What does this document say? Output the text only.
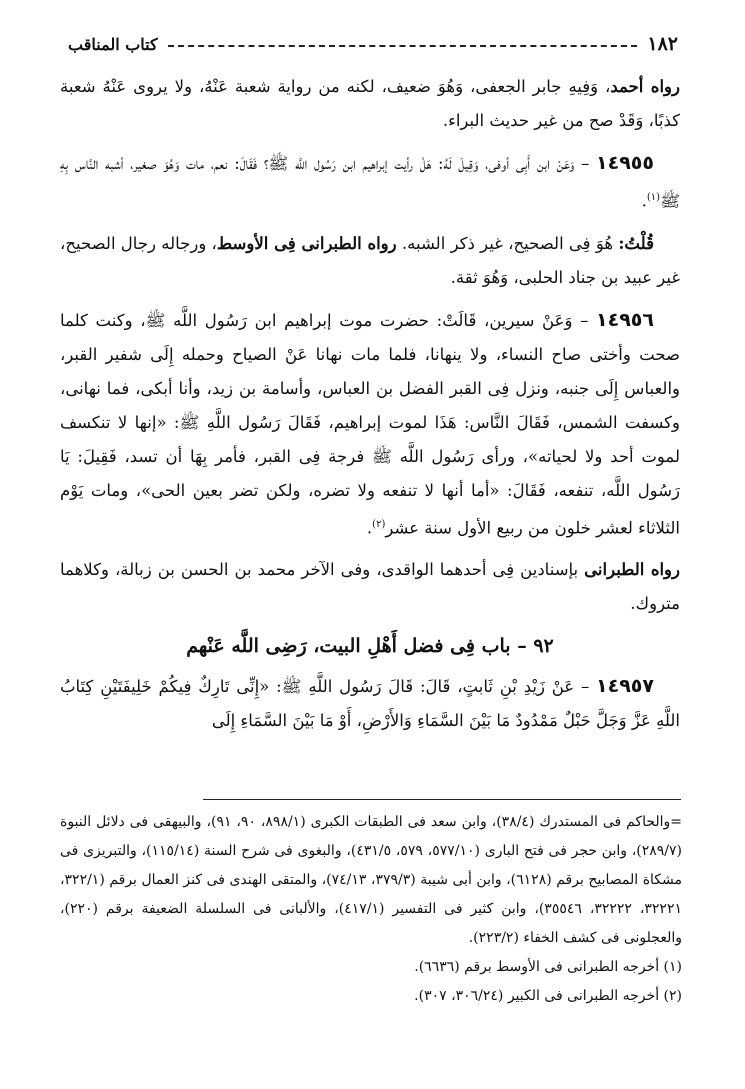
١٨٢
كتاب المناقب

رواه أحمد، وَفِيهِ جابر الجعفى، وَهُوَ ضعيف، لكنه من رواية شعبة عَنْهُ، ولا يروى عَنْهُ شعبة كذبًا، وَقَدْ صح من غير حديث البراء.

١٤٩٥٥ – وَعَنْ ابن أَبِى أوفى، وَقِيلَ لَهُ: هَلْ رأيت إبراهيم ابن رَسُول اللَّه ﷺ؟ فَقَالَ: نعم، مات وَهُوَ صغير، أشبه النَّاس بِهِ ﷺ$^{(١)}$.

قُلْتُ: هُوَ فِى الصحيح، غير ذكر الشبه. رواه الطبرانى فِى الأوسط، ورجاله رجال الصحيح، غير عبيد بن جناد الحلبى، وَهُوَ ثقة.

١٤٩٥٦ – وَعَنْ سيرين، قَالَتْ: حضرت موت إبراهيم ابن رَسُول اللَّه ﷺ، وكنت كلما صحت وأختى صاح النساء، ولا ينهانا، فلما مات نهانا عَنْ الصياح وحمله إِلَى شفير القبر، والعباس إِلَى جنبه، ونزل فِى القبر الفضل بن العباس، وأسامة بن زيد، وأنا أبكى، فما نهانى، وكسفت الشمس، فَقَالَ النَّاس: هَذَا لموت إبراهيم، فَقَالَ رَسُول اللَّهِ ﷺ: «إنها لا تنكسف لموت أحد ولا لحياته»، ورأى رَسُول اللَّه ﷺ فرجة فِى القبر، فأمر بِهَا أن تسد، فَقِيلَ: يَا رَسُول اللَّه، تنفعه، فَقَالَ: «أما أنها لا تنفعه ولا تضره، ولكن تضر بعين الحى»، ومات يَوْم الثلاثاء لعشر خلون من ربيع الأول سنة عشر$^{(٢)}$.

رواه الطبرانى بإسنادين فِى أحدهما الواقدى، وفى الآخر محمد بن الحسن بن زبالة، وكلاهما متروك.

٩٢ – باب فِى فضل أَهْلِ البيت، رَضِى اللَّه عَنْهم

١٤٩٥٧ – عَنْ زَيْدِ بْنِ ثَابتٍ، قَالَ: قَالَ رَسُول اللَّهِ ﷺ: «إِنِّى تَارِكٌ فِيكُمْ خَلِيفَتَيْنِ كِتَابُ اللَّهِ عَزَّ وَجَلَّ حَبْلٌ مَمْدُودٌ مَا بَيْنَ السَّمَاءِ وَالأَرْضِ، أَوْ مَا بَيْنَ السَّمَاءِ إِلَى

=والحاكم فى المستدرك (٣٨/٤)، وابن سعد فى الطبقات الكبرى (٨٩٨/١، ٩٠، ٩١)، والبيهقى فى دلائل النبوة (٢٨٩/٧)، وابن حجر فى فتح البارى (٥٧٧/١٠، ٥٧٩، ٤٣١/٥)، والبغوى فى شرح السنة (١١٥/١٤)، والتبريزى فى مشكاة المصابيح برقم (٦١٢٨)، وابن أبى شيبة (٣٧٩/٣، ٧٤/١٣)، والمتقى الهندى فى كنز العمال برقم (٣٢٢/١، ٣٢٢٢١، ٣٢٢٢٢، ٣٥٥٤٦)، وابن كثير فى التفسير (٤١٧/١)، والألبانى فى السلسلة الضعيفة برقم (٢٢٠)، والعجلونى فى كشف الخفاء (٢٢٣/٢).

(١) أخرجه الطبرانى فى الأوسط برقم (٦٦٣٦).

(٢) أخرجه الطبرانى فى الكبير (٣٠٦/٢٤، ٣٠٧).
